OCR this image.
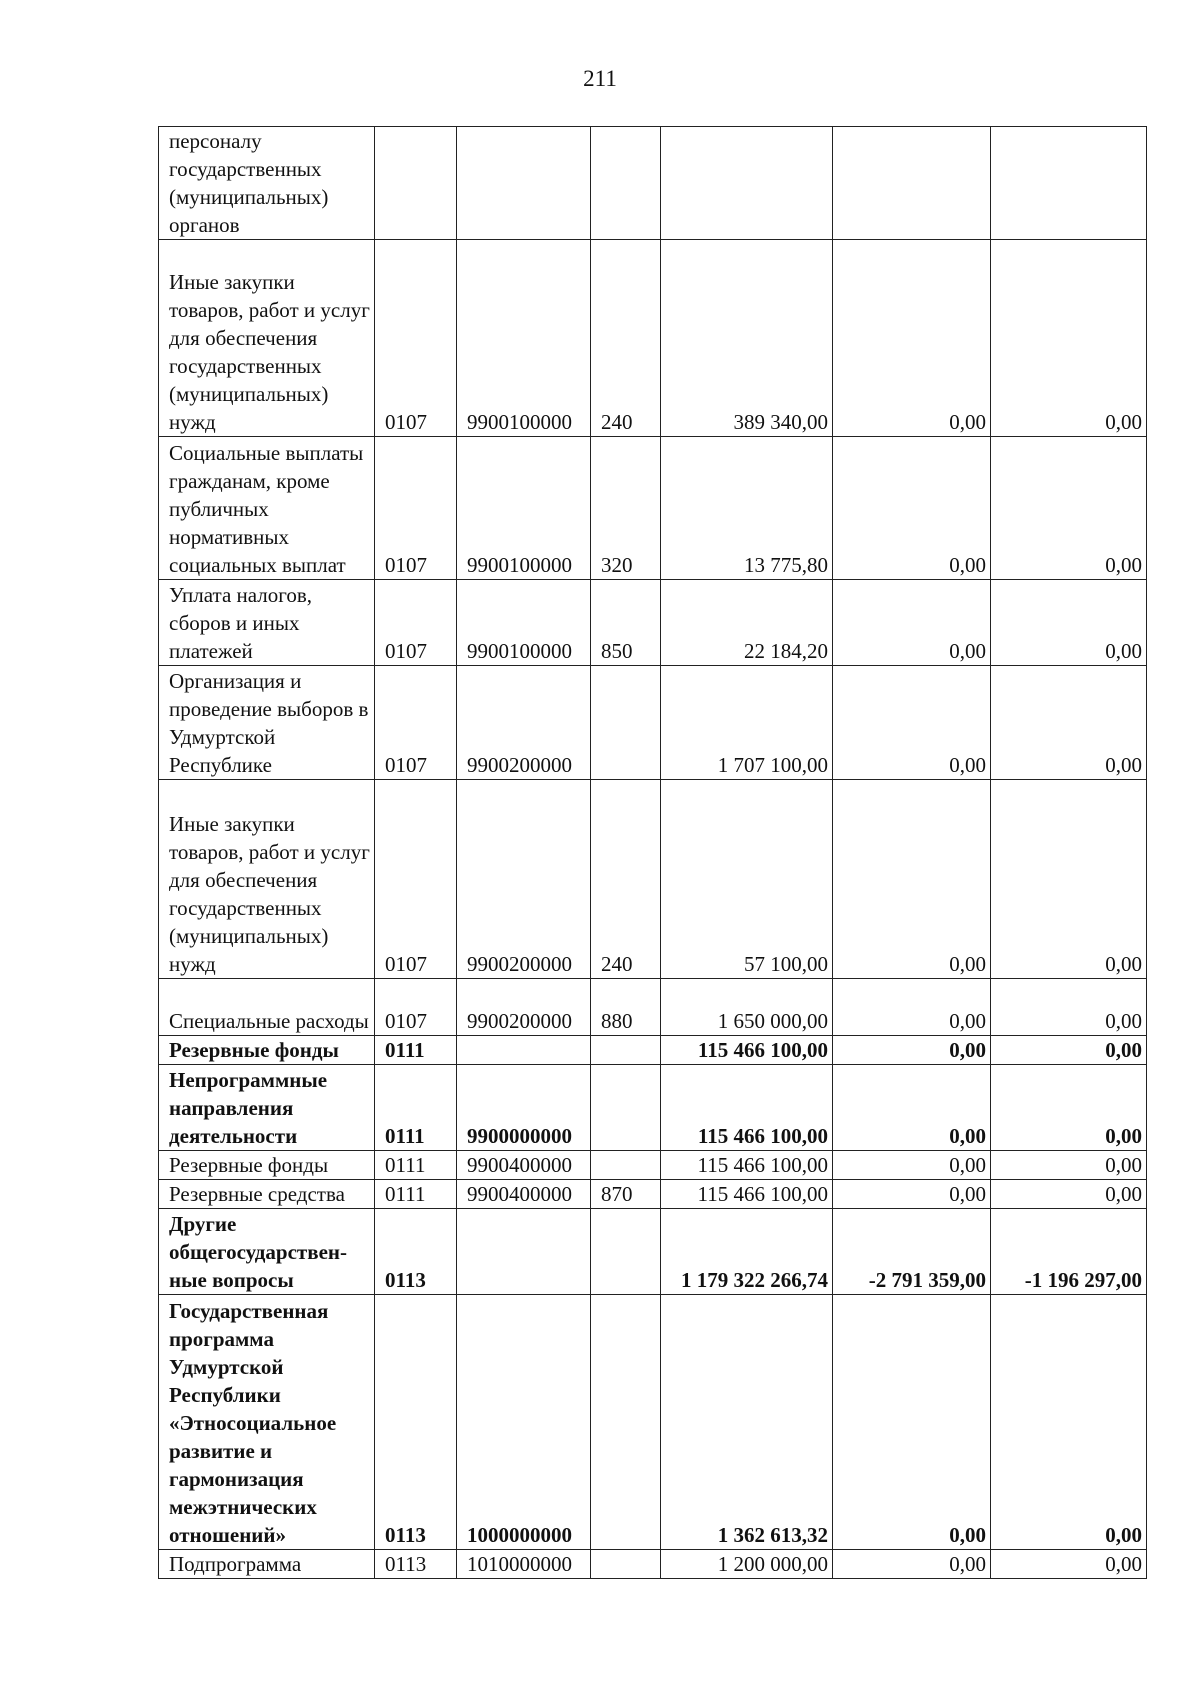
211
персоналу государственных (муниципальных) органов						
Иные закупки товаров, работ и услуг для обеспечения государственных (муниципальных) нужд	0107	9900100000	240	389 340,00	0,00	0,00
Социальные выплаты гражданам, кроме публичных нормативных социальных выплат	0107	9900100000	320	13 775,80	0,00	0,00
Уплата налогов, сборов и иных платежей	0107	9900100000	850	22 184,20	0,00	0,00
Организация и проведение выборов в Удмуртской Республике	0107	9900200000		1 707 100,00	0,00	0,00
Иные закупки товаров, работ и услуг для обеспечения государственных (муниципальных) нужд	0107	9900200000	240	57 100,00	0,00	0,00
Специальные расходы	0107	9900200000	880	1 650 000,00	0,00	0,00
Резервные фонды	0111			115 466 100,00	0,00	0,00
Непрограммные направления деятельности	0111	9900000000		115 466 100,00	0,00	0,00
Резервные фонды	0111	9900400000		115 466 100,00	0,00	0,00
Резервные средства	0111	9900400000	870	115 466 100,00	0,00	0,00
Другие общегосударствен-ные вопросы	0113			1 179 322 266,74	-2 791 359,00	-1 196 297,00
Государственная программа Удмуртской Республики «Этносоциальное развитие и гармонизация межэтнических отношений»	0113	1000000000		1 362 613,32	0,00	0,00
Подпрограмма	0113	1010000000		1 200 000,00	0,00	0,00
